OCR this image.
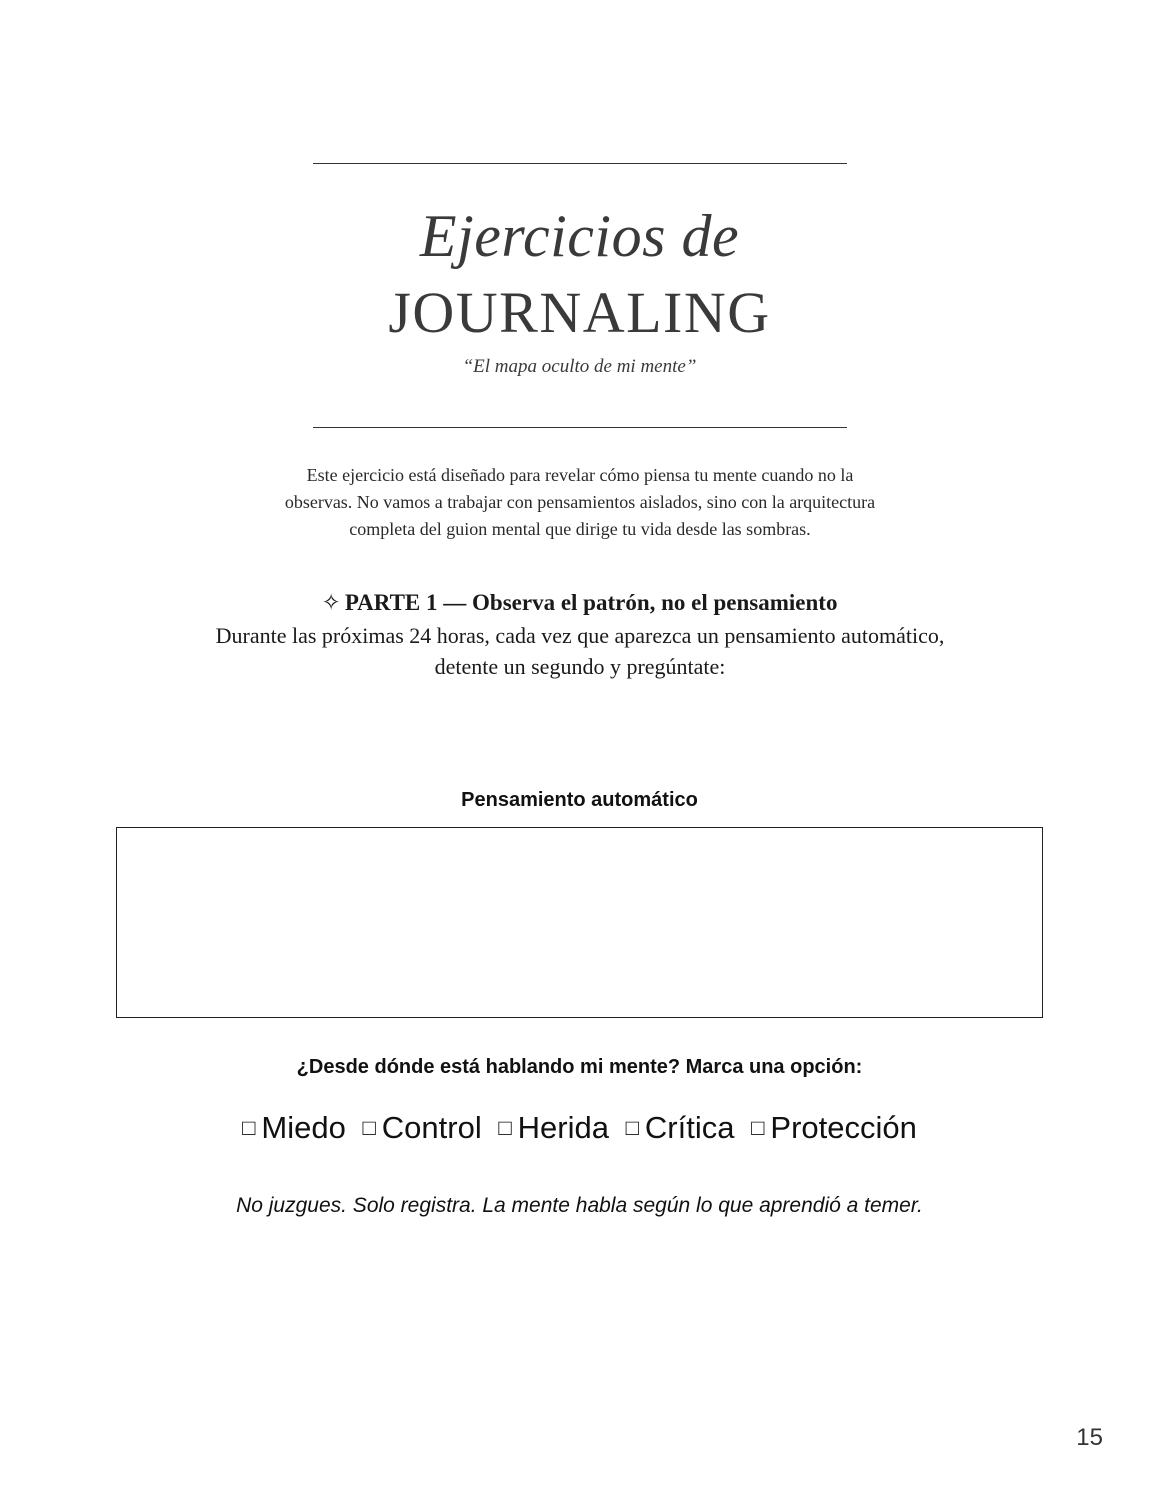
Ejercicios de
JOURNALING
“El mapa oculto de mi mente”
Este ejercicio está diseñado para revelar cómo piensa tu mente cuando no la
observas. No vamos a trabajar con pensamientos aislados, sino con la arquitectura
completa del guion mental que dirige tu vida desde las sombras.
✧ PARTE 1 — Observa el patrón, no el pensamiento
Durante las próximas 24 horas, cada vez que aparezca un pensamiento automático,
detente un segundo y pregúntate:
Pensamiento automático
¿Desde dónde está hablando mi mente? Marca una opción:
□ Miedo □ Control □ Herida □ Crítica □ Protección
No juzgues. Solo registra. La mente habla según lo que aprendió a temer.
15
